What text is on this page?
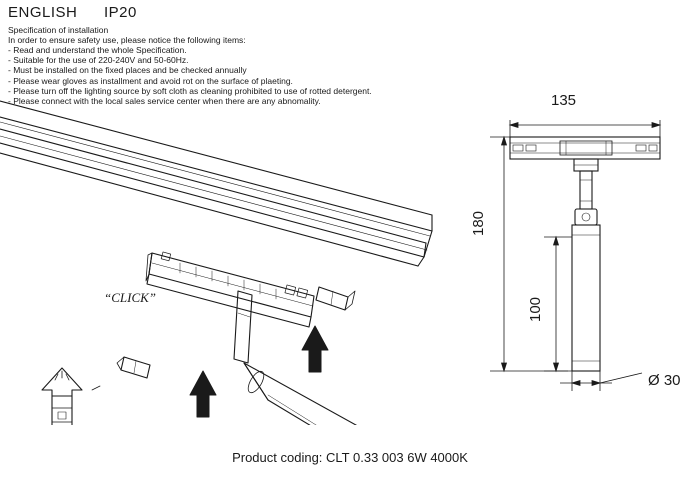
ENGLISH IP20
Specification of installation
In order to ensure safety use, please notice the following items:
- Read and understand the whole Specification.
- Suitable for the use of 220-240V and 50-60Hz.
- Must be installed on the fixed places and be checked annually
- Please wear gloves as installment and avoid rot on the surface of plaeting.
- Please turn off the lighting source by soft cloth as cleaning prohibited to use of rotted detergent.
- Please connect with the local sales service center when there are any abnomality.
“CLICK”
135
180
100
Ø 30
Product coding: CLT 0.33 003 6W 4000K
